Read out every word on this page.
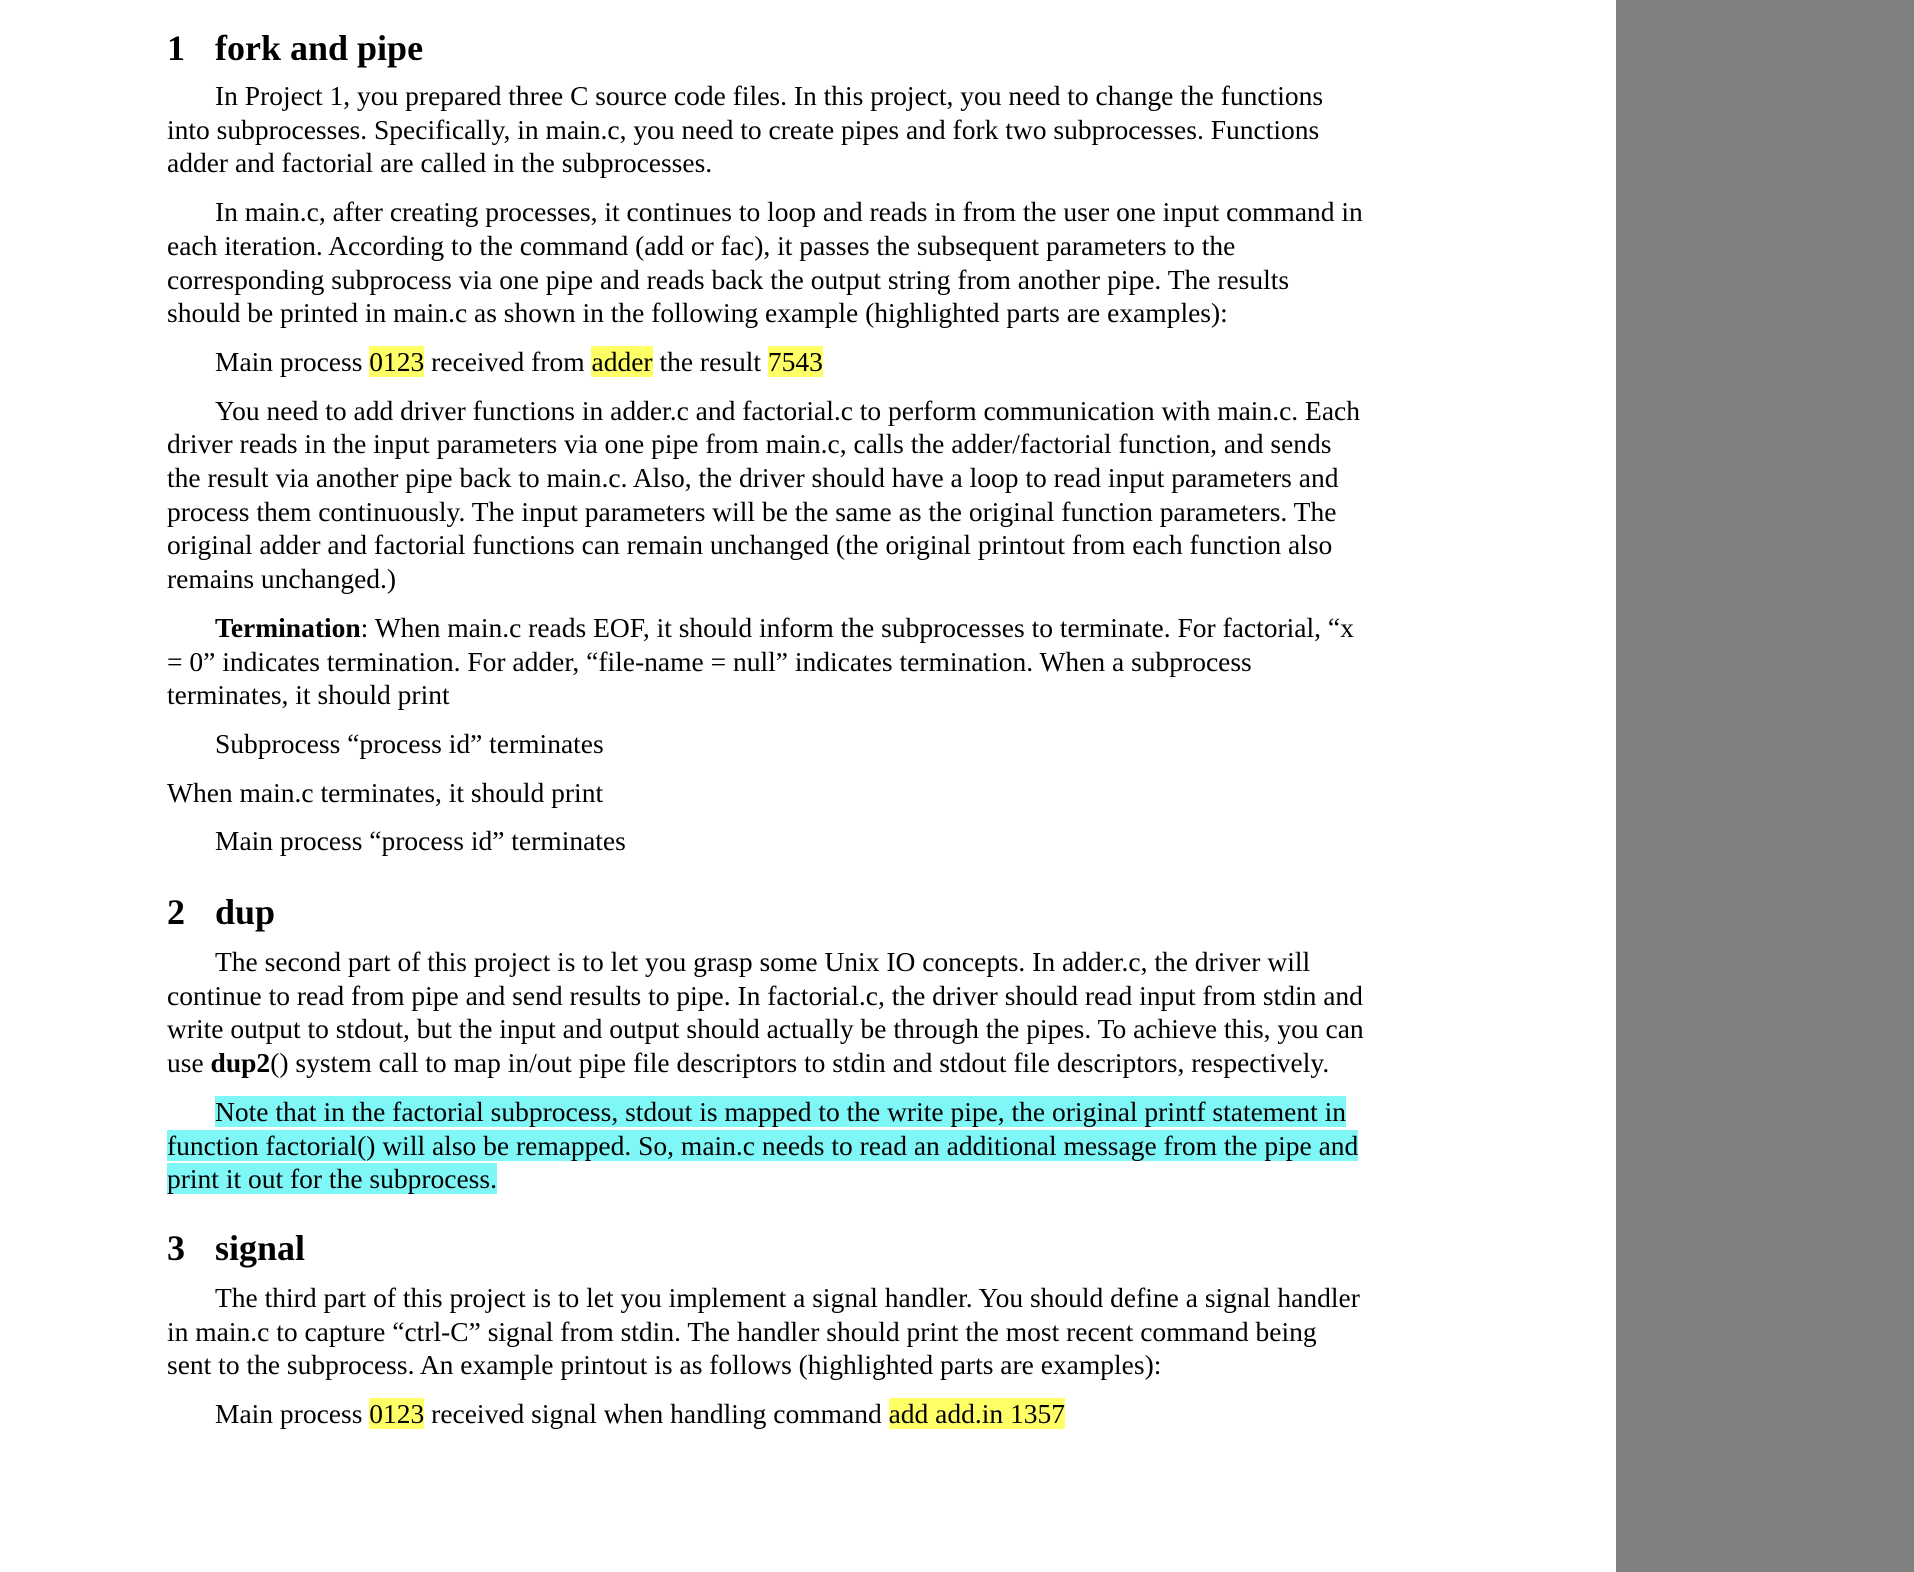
1 fork and pipe

In Project 1, you prepared three C source code files. In this project, you need to change the functions

into subprocesses. Specifically, in main.c, you need to create pipes and fork two subprocesses. Functions
adder and factorial are called in the subprocesses.

In main.c, after creating processes, it continues to loop and reads in from the user one input command in

each iteration. According to the command (add or fac), it passes the subsequent parameters to the
corresponding subprocess via one pipe and reads back the output string from another pipe. The results
should be printed in main.c as shown in the following example (highlighted parts are examples):

Main process 0123 received from adder the result 7543

You need to add driver functions in adder.c and factorial.c to perform communication with main.c. Each

driver reads in the input parameters via one pipe from main.c, calls the adder/factorial function, and sends
the result via another pipe back to main.c. Also, the driver should have a loop to read input parameters and
process them continuously. The input parameters will be the same as the original function parameters. The
original adder and factorial functions can remain unchanged (the original printout from each function also
remains unchanged.)

Termination: When main.c reads EOF, it should inform the subprocesses to terminate. For factorial, “x

= 0” indicates termination. For adder, “file-name = null” indicates termination. When a subprocess
terminates, it should print

Subprocess “process id” terminates

When main.c terminates, it should print

Main process “process id” terminates

2 dup

The second part of this project is to let you grasp some Unix IO concepts. In adder.c, the driver will

continue to read from pipe and send results to pipe. In factorial.c, the driver should read input from stdin and
write output to stdout, but the input and output should actually be through the pipes. To achieve this, you can
use dup2() system call to map in/out pipe file descriptors to stdin and stdout file descriptors, respectively.

Note that in the factorial subprocess, stdout is mapped to the write pipe, the original printf statement in
function factorial() will also be remapped. So, main.c needs to read an additional message from the pipe and
print it out for the subprocess.

3 signal

The third part of this project is to let you implement a signal handler. You should define a signal handler

in main.c to capture “ctrl-C” signal from stdin. The handler should print the most recent command being
sent to the subprocess. An example printout is as follows (highlighted parts are examples):

Main process 0123 received signal when handling command add add.in 1357
